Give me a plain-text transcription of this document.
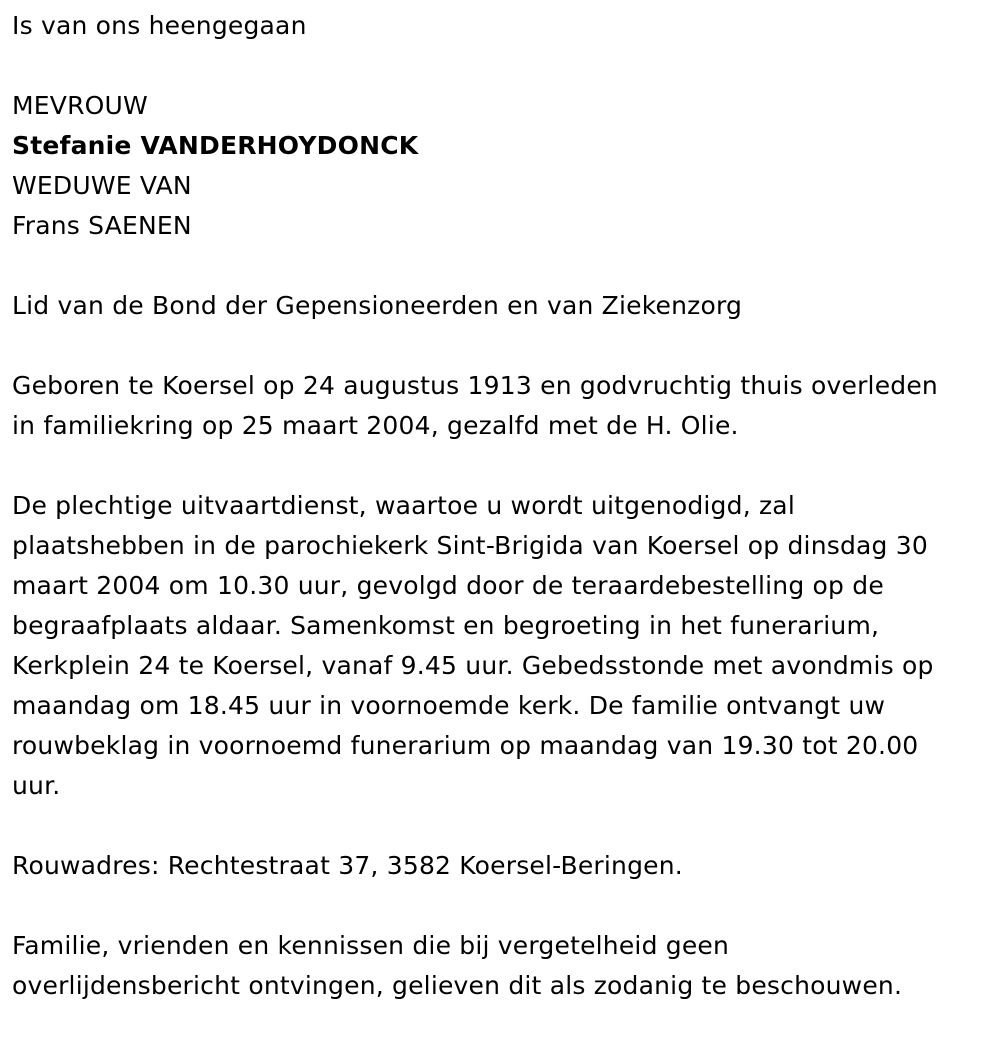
Is van ons heengegaan
MEVROUW
Stefanie VANDERHOYDONCK
WEDUWE VAN
Frans SAENEN
Lid van de Bond der Gepensioneerden en van Ziekenzorg
Geboren te Koersel op 24 augustus 1913 en godvruchtig thuis overleden
in familiekring op 25 maart 2004, gezalfd met de H. Olie.
De plechtige uitvaartdienst, waartoe u wordt uitgenodigd, zal
plaatshebben in de parochiekerk Sint-Brigida van Koersel op dinsdag 30
maart 2004 om 10.30 uur, gevolgd door de teraardebestelling op de
begraafplaats aldaar. Samenkomst en begroeting in het funerarium,
Kerkplein 24 te Koersel, vanaf 9.45 uur. Gebedsstonde met avondmis op
maandag om 18.45 uur in voornoemde kerk. De familie ontvangt uw
rouwbeklag in voornoemd funerarium op maandag van 19.30 tot 20.00
uur.
Rouwadres: Rechtestraat 37, 3582 Koersel-Beringen.
Familie, vrienden en kennissen die bij vergetelheid geen
overlijdensbericht ontvingen, gelieven dit als zodanig te beschouwen.
